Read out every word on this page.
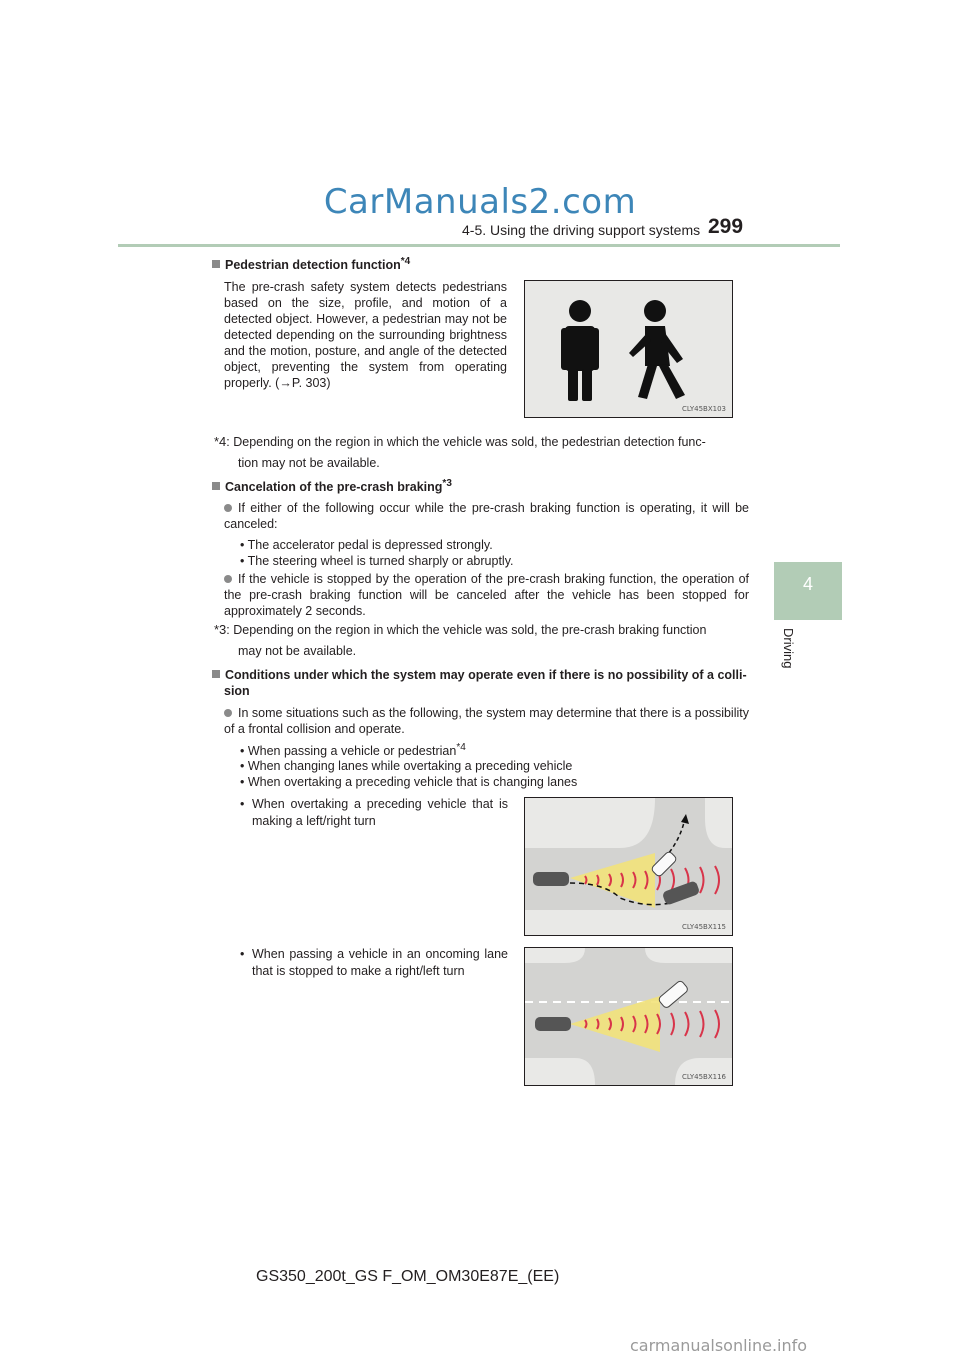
CarManuals2.com
4-5. Using the driving support systems 299
4
Driving
Pedestrian detection function$^{*4}$
The pre-crash safety system detects pedestrians based on the size, profile, and motion of a detected object. However, a pedestrian may not be detected depending on the surrounding brightness and the motion, posture, and angle of the detected object, preventing the system from operating properly. (→P. 303)
CLY45BX103
*4: Depending on the region in which the vehicle was sold, the pedestrian detection func-
tion may not be available.
Cancelation of the pre-crash braking$^{*3}$
If either of the following occur while the pre-crash braking function is operating, it will be canceled:
• The accelerator pedal is depressed strongly.
• The steering wheel is turned sharply or abruptly.
If the vehicle is stopped by the operation of the pre-crash braking function, the operation of the pre-crash braking function will be canceled after the vehicle has been stopped for approximately 2 seconds.
*3: Depending on the region in which the vehicle was sold, the pre-crash braking function
may not be available.
Conditions under which the system may operate even if there is no possibility of a colli-
sion
In some situations such as the following, the system may determine that there is a possibility of a frontal collision and operate.
• When passing a vehicle or pedestrian$^{*4}$
• When changing lanes while overtaking a preceding vehicle
• When overtaking a preceding vehicle that is changing lanes
• When overtaking a preceding vehicle that is making a left/right turn
CLY45BX115
• When passing a vehicle in an oncoming lane that is stopped to make a right/left turn
CLY45BX116
GS350_200t_GS F_OM_OM30E87E_(EE)
carmanualsonline.info
